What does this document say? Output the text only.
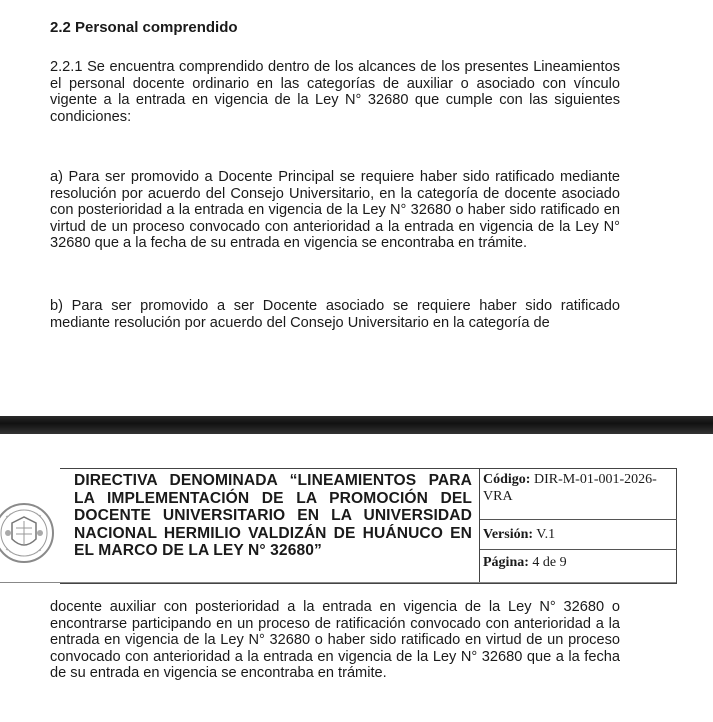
2.2 Personal comprendido

2.2.1 Se encuentra comprendido dentro de los alcances de los presentes Lineamientos el personal docente ordinario en las categorías de auxiliar o asociado con vínculo vigente a la entrada en vigencia de la Ley N° 32680 que cumple con las siguientes condiciones:

a) Para ser promovido a Docente Principal se requiere haber sido ratificado mediante resolución por acuerdo del Consejo Universitario, en la categoría de docente asociado con posterioridad a la entrada en vigencia de la Ley N° 32680 o haber sido ratificado en virtud de un proceso convocado con anterioridad a la entrada en vigencia de la Ley N° 32680 que a la fecha de su entrada en vigencia se encontraba en trámite.

b) Para ser promovido a ser Docente asociado se requiere haber sido ratificado mediante resolución por acuerdo del Consejo Universitario en la categoría de

DIRECTIVA DENOMINADA “LINEAMIENTOS PARA LA IMPLEMENTACIÓN DE LA PROMOCIÓN DEL DOCENTE UNIVERSITARIO EN LA UNIVERSIDAD NACIONAL HERMILIO VALDIZÁN DE HUÁNUCO EN EL MARCO DE LA LEY N° 32680”

Código: DIR-M-01-001-2026-VRA
Versión: V.1
Página: 4 de 9

docente auxiliar con posterioridad a la entrada en vigencia de la Ley N° 32680 o encontrarse participando en un proceso de ratificación convocado con anterioridad a la entrada en vigencia de la Ley N° 32680 o haber sido ratificado en virtud de un proceso convocado con anterioridad a la entrada en vigencia de la Ley N° 32680 que a la fecha de su entrada en vigencia se encontraba en trámite.
